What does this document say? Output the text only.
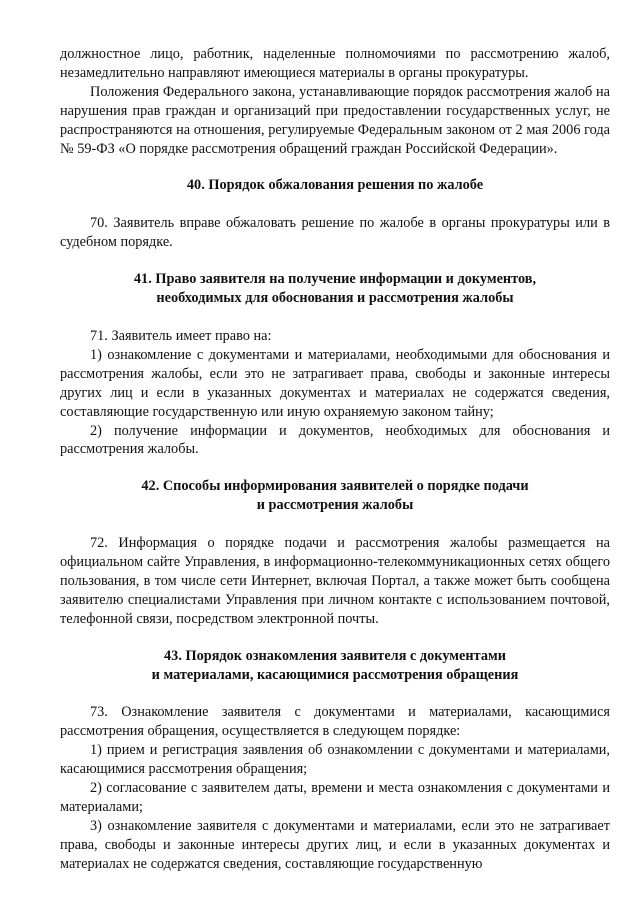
должностное лицо, работник, наделенные полномочиями по рассмотрению жалоб, незамедлительно направляют имеющиеся материалы в органы прокуратуры.

Положения Федерального закона, устанавливающие порядок рассмотрения жалоб на нарушения прав граждан и организаций при предоставлении государственных услуг, не распространяются на отношения, регулируемые Федеральным законом от 2 мая 2006 года № 59-ФЗ «О порядке рассмотрения обращений граждан Российской Федерации».

40. Порядок обжалования решения по жалобе

70. Заявитель вправе обжаловать решение по жалобе в органы прокуратуры или в судебном порядке.

41. Право заявителя на получение информации и документов,
необходимых для обоснования и рассмотрения жалобы

71. Заявитель имеет право на:

1) ознакомление с документами и материалами, необходимыми для обоснования и рассмотрения жалобы, если это не затрагивает права, свободы и законные интересы других лиц и если в указанных документах и материалах не содержатся сведения, составляющие государственную или иную охраняемую законом тайну;

2) получение информации и документов, необходимых для обоснования и рассмотрения жалобы.

42. Способы информирования заявителей о порядке подачи
и рассмотрения жалобы

72. Информация о порядке подачи и рассмотрения жалобы размещается на официальном сайте Управления, в информационно-телекоммуникационных сетях общего пользования, в том числе сети Интернет, включая Портал, а также может быть сообщена заявителю специалистами Управления при личном контакте с использованием почтовой, телефонной связи, посредством электронной почты.

43. Порядок ознакомления заявителя с документами
и материалами, касающимися рассмотрения обращения

73. Ознакомление заявителя с документами и материалами, касающимися рассмотрения обращения, осуществляется в следующем порядке:

1) прием и регистрация заявления об ознакомлении с документами и материалами, касающимися рассмотрения обращения;

2) согласование с заявителем даты, времени и места ознакомления с документами и материалами;

3) ознакомление заявителя с документами и материалами, если это не затрагивает права, свободы и законные интересы других лиц, и если в указанных документах и материалах не содержатся сведения, составляющие государственную
